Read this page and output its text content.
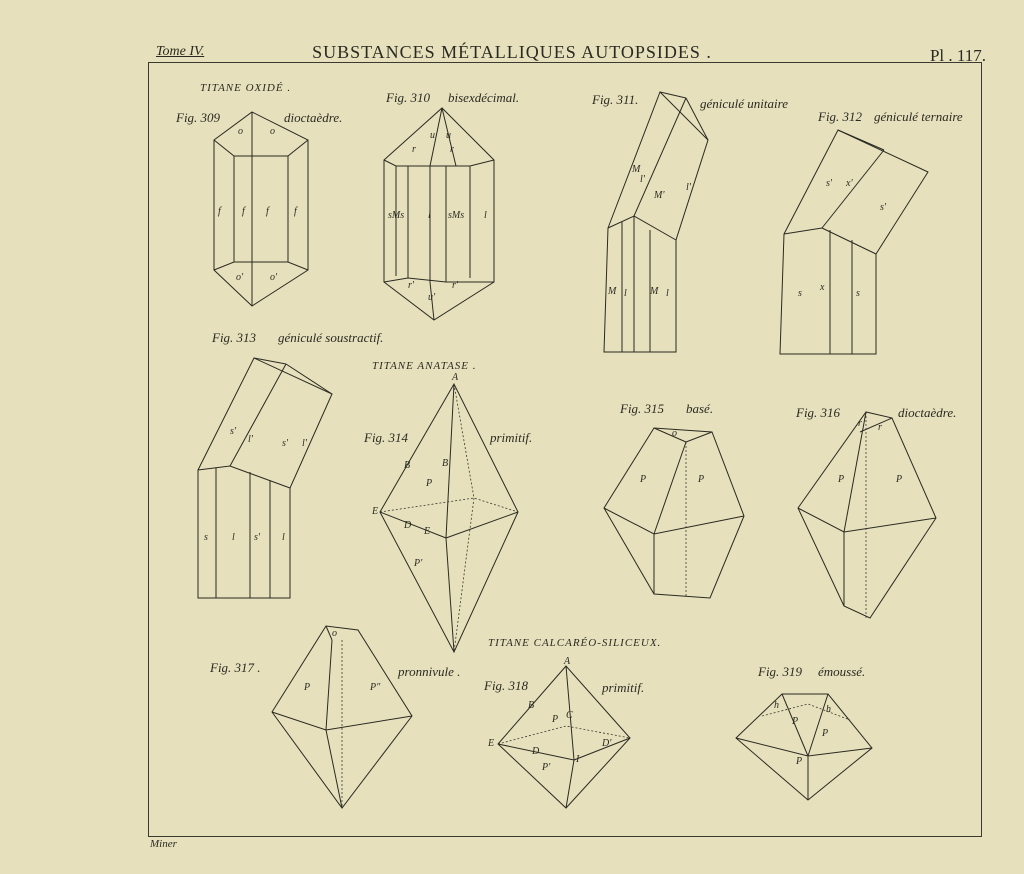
Tome IV.	SUBSTANCES MÉTALLIQUES AUTOPSIDES .	Pl . 117.
TITANE OXIDÉ .
TITANE ANATASE .
TITANE CALCARÉO-SILICEUX.
Fig. 309	dioctaèdre.
Fig. 310 bisexdécimal.	Fig. 311.	géniculé unitaire
Fig. 312 géniculé ternaire
Fig. 313 géniculé soustractif.
Fig. 314	primitif.
Fig. 315 basé.	Fig. 316	dioctaèdre.
Fig. 317 .	pronnivule .
Fig. 318	primitif.
Fig. 319 émoussé.
Miner
o	o
f f f	f
o'	o'
u u
r	r
sMs l sMs l
r'	r'
u'
M
l'
M'
l'
M l M l
s' x'
s'
s
x
s
s'
l'	s' l'
s l s' l
A
B	B
P
E
D
E
P'
o
P	P
r r
P	P
o
P	P"
A
B
P C
E
D
P'
I
D'
h	h
P
P
P
